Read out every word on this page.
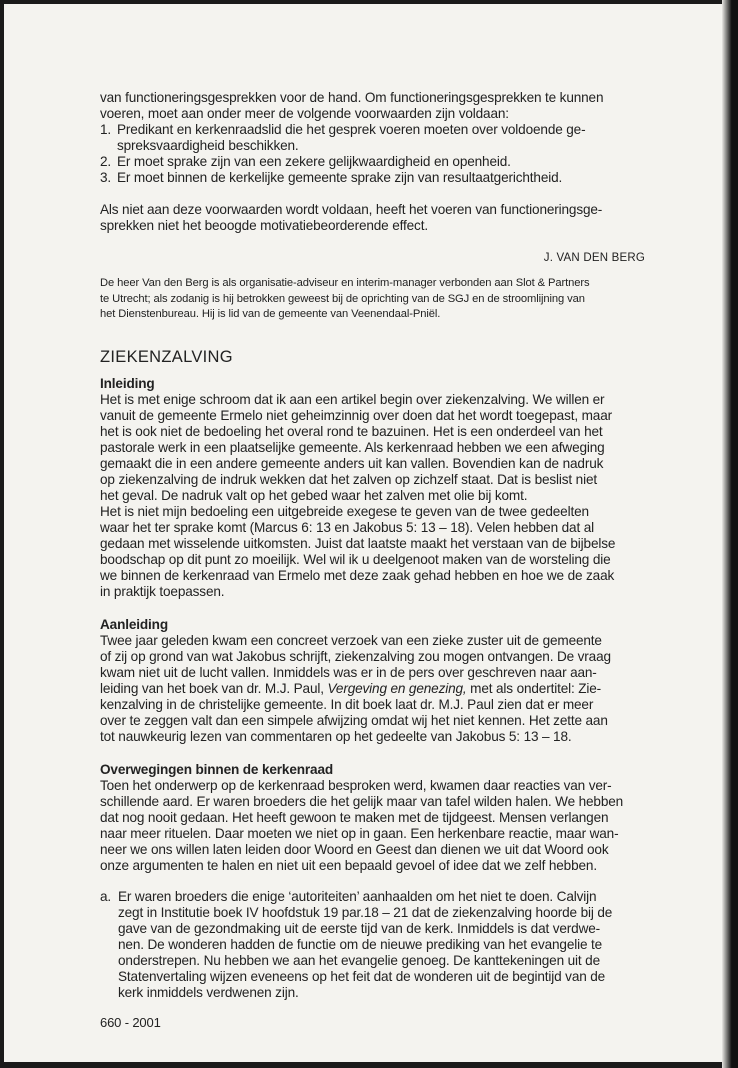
van functioneringsgesprekken voor de hand. Om functioneringsgesprekken te kunnen
voeren, moet aan onder meer de volgende voorwaarden zijn voldaan:
1. Predikant en kerkenraadslid die het gesprek voeren moeten over voldoende ge-
spreksvaardigheid beschikken.
2. Er moet sprake zijn van een zekere gelijkwaardigheid en openheid.
3. Er moet binnen de kerkelijke gemeente sprake zijn van resultaatgerichtheid.
Als niet aan deze voorwaarden wordt voldaan, heeft het voeren van functioneringsge-
sprekken niet het beoogde motivatiebeorderende effect.
J. VAN DEN BERG
De heer Van den Berg is als organisatie-adviseur en interim-manager verbonden aan Slot & Partners
te Utrecht; als zodanig is hij betrokken geweest bij de oprichting van de SGJ en de stroomlijning van
het Dienstenbureau. Hij is lid van de gemeente van Veenendaal-Pniël.
ZIEKENZALVING
Inleiding
Het is met enige schroom dat ik aan een artikel begin over ziekenzalving. We willen er
vanuit de gemeente Ermelo niet geheimzinnig over doen dat het wordt toegepast, maar
het is ook niet de bedoeling het overal rond te bazuinen. Het is een onderdeel van het
pastorale werk in een plaatselijke gemeente. Als kerkenraad hebben we een afweging
gemaakt die in een andere gemeente anders uit kan vallen. Bovendien kan de nadruk
op ziekenzalving de indruk wekken dat het zalven op zichzelf staat. Dat is beslist niet
het geval. De nadruk valt op het gebed waar het zalven met olie bij komt.
Het is niet mijn bedoeling een uitgebreide exegese te geven van de twee gedeelten
waar het ter sprake komt (Marcus 6: 13 en Jakobus 5: 13 – 18). Velen hebben dat al
gedaan met wisselende uitkomsten. Juist dat laatste maakt het verstaan van de bijbelse
boodschap op dit punt zo moeilijk. Wel wil ik u deelgenoot maken van de worsteling die
we binnen de kerkenraad van Ermelo met deze zaak gehad hebben en hoe we de zaak
in praktijk toepassen.
Aanleiding
Twee jaar geleden kwam een concreet verzoek van een zieke zuster uit de gemeente
of zij op grond van wat Jakobus schrijft, ziekenzalving zou mogen ontvangen. De vraag
kwam niet uit de lucht vallen. Inmiddels was er in de pers over geschreven naar aan-
leiding van het boek van dr. M.J. Paul, Vergeving en genezing, met als ondertitel: Zie-
kenzalving in de christelijke gemeente. In dit boek laat dr. M.J. Paul zien dat er meer
over te zeggen valt dan een simpele afwijzing omdat wij het niet kennen. Het zette aan
tot nauwkeurig lezen van commentaren op het gedeelte van Jakobus 5: 13 – 18.
Overwegingen binnen de kerkenraad
Toen het onderwerp op de kerkenraad besproken werd, kwamen daar reacties van ver-
schillende aard. Er waren broeders die het gelijk maar van tafel wilden halen. We hebben
dat nog nooit gedaan. Het heeft gewoon te maken met de tijdgeest. Mensen verlangen
naar meer rituelen. Daar moeten we niet op in gaan. Een herkenbare reactie, maar wan-
neer we ons willen laten leiden door Woord en Geest dan dienen we uit dat Woord ook
onze argumenten te halen en niet uit een bepaald gevoel of idee dat we zelf hebben.
a. Er waren broeders die enige ‘autoriteiten’ aanhaalden om het niet te doen. Calvijn
zegt in Institutie boek IV hoofdstuk 19 par.18 – 21 dat de ziekenzalving hoorde bij de
gave van de gezondmaking uit de eerste tijd van de kerk. Inmiddels is dat verdwe-
nen. De wonderen hadden de functie om de nieuwe prediking van het evangelie te
onderstrepen. Nu hebben we aan het evangelie genoeg. De kanttekeningen uit de
Statenvertaling wijzen eveneens op het feit dat de wonderen uit de begintijd van de
kerk inmiddels verdwenen zijn.
660 - 2001
